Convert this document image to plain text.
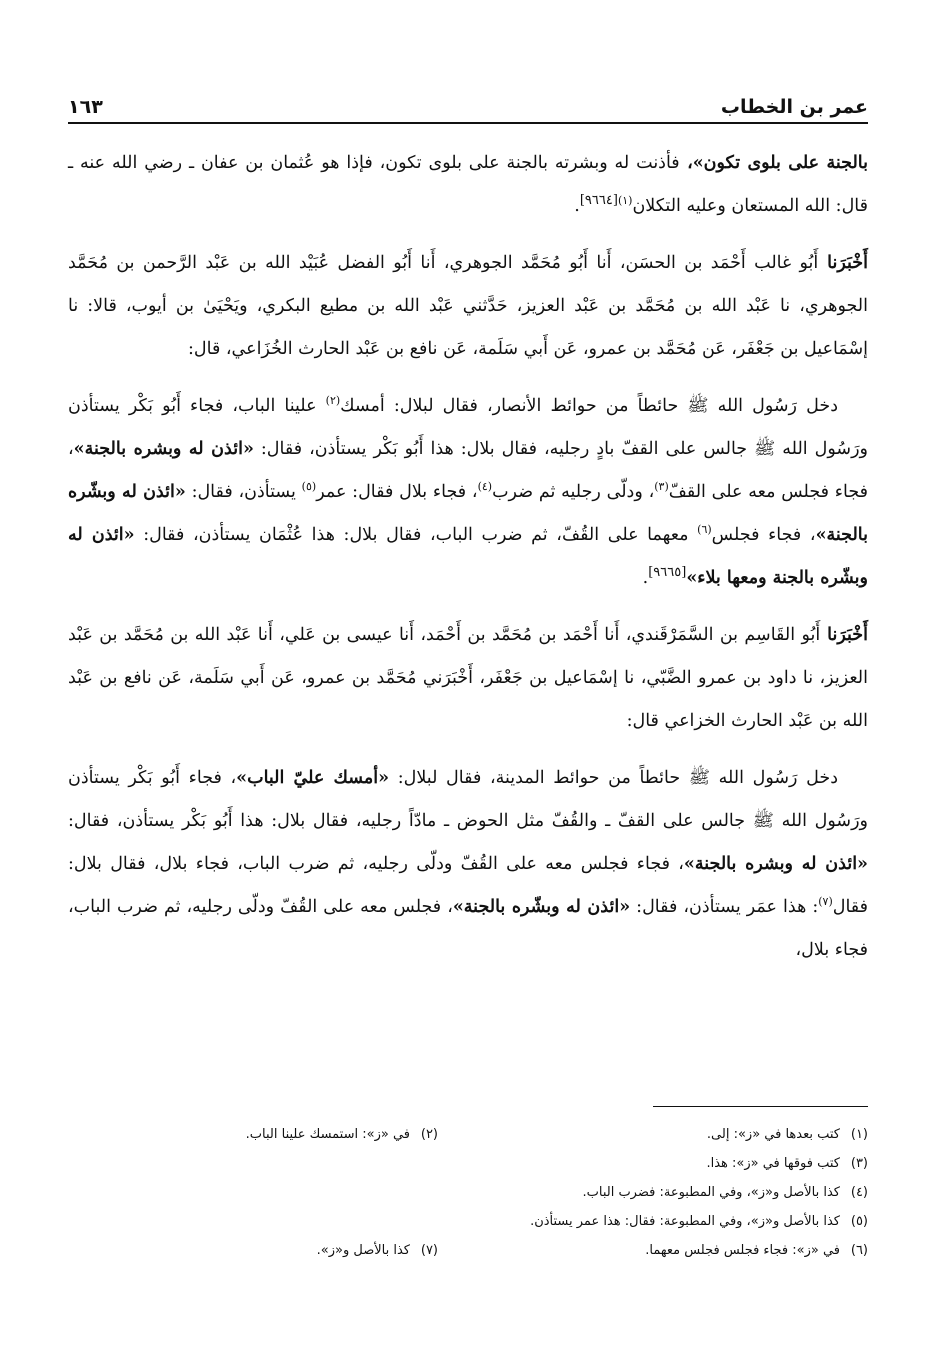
عمر بن الخطاب
١٦٣

بالجنة على بلوى تكون»، فأذنت له وبشرته بالجنة على بلوى تكون، فإذا هو عُثمان بن عفان ـ رضي الله عنه ـ قال: الله المستعان وعليه التكلان$^{(١)[٩٦٦٤]}$.

أَخْبَرَنا أَبُو غالب أَحْمَد بن الحسَن، أَنا أَبُو مُحَمَّد الجوهري، أَنا أَبُو الفضل عُبَيْد الله بن عَبْد الرَّحمن بن مُحَمَّد الجوهري، نا عَبْد الله بن مُحَمَّد بن عَبْد العزيز، حَدَّثني عَبْد الله بن مطيع البكري، ويَحْيَىٰ بن أيوب، قالا: نا إسْمَاعيل بن جَعْفَر، عَن مُحَمَّد بن عمرو، عَن أَبي سَلَمة، عَن نافع بن عَبْد الحارث الخُزَاعي، قال:

دخل رَسُول الله ﷺ حائطاً من حوائط الأنصار، فقال لبلال: أمسك$^{(٢)}$ علينا الباب، فجاء أَبُو بَكْر يستأذن ورَسُول الله ﷺ جالس على القفّ بادٍ رجليه، فقال بلال: هذا أَبُو بَكْر يستأذن، فقال: «ائذن له وبشره بالجنة»، فجاء فجلس معه على القفّ$^{(٣)}$، ودلّى رجليه ثم ضرب$^{(٤)}$، فجاء بلال فقال: عمر$^{(٥)}$ يستأذن، فقال: «ائذن له وبشّره بالجنة»، فجاء فجلس$^{(٦)}$ معهما على القُفّ، ثم ضرب الباب، فقال بلال: هذا عُثْمَان يستأذن، فقال: «ائذن له وبشّره بالجنة ومعها بلاء»[٩٦٦٥].

أَخْبَرَنا أَبُو القَاسِم بن السَّمَرْقَندي، أَنا أَحْمَد بن مُحَمَّد بن أَحْمَد، أَنا عيسى بن عَلي، أَنا عَبْد الله بن مُحَمَّد بن عَبْد العزيز، نا داود بن عمرو الضَّبّي، نا إسْمَاعيل بن جَعْفَر، أَخْبَرَني مُحَمَّد بن عمرو، عَن أَبي سَلَمة، عَن نافع بن عَبْد الله بن عَبْد الحارث الخزاعي قال:

دخل رَسُول الله ﷺ حائطاً من حوائط المدينة، فقال لبلال: «أمسك عليّ الباب»، فجاء أَبُو بَكْر يستأذن ورَسُول الله ﷺ جالس على القفّ ـ والقُفّ مثل الحوض ـ مادّاً رجليه، فقال بلال: هذا أَبُو بَكْر يستأذن، فقال: «ائذن له وبشره بالجنة»، فجاء فجلس معه على القُفّ ودلّى رجليه، ثم ضرب الباب، فجاء بلال، فقال بلال: فقال$^{(٧)}$: هذا عمَر يستأذن، فقال: «ائذن له وبشّره بالجنة»، فجلس معه على القُفّ ودلّى رجليه، ثم ضرب الباب، فجاء بلال،

(١)كتب بعدها في «ز»: إلى.
(٢)في «ز»: استمسك علينا الباب.
(٣)كتب فوقها في «ز»: هذا.
(٤)كذا بالأصل و«ز»، وفي المطبوعة: فضرب الباب.
(٥)كذا بالأصل و«ز»، وفي المطبوعة: فقال: هذا عمر يستأذن.
(٦)في «ز»: فجاء فجلس فجلس معهما.
(٧)كذا بالأصل و«ز».
